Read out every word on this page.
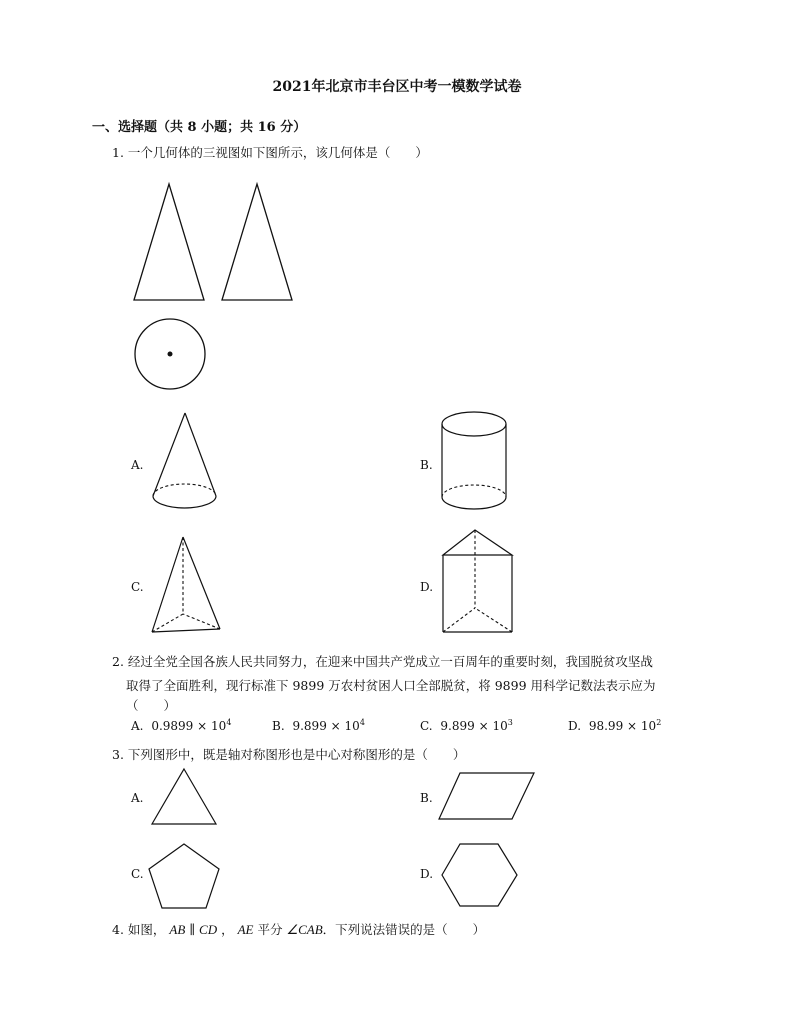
2021年北京市丰台区中考一模数学试卷
一、选择题（共 8 小题；共 16 分）
1. 一个几何体的三视图如下图所示，该几何体是（　　）
A.	B.
C.	D.
2. 经过全党全国各族人民共同努力，在迎来中国共产党成立一百周年的重要时刻，我国脱贫攻坚战
取得了全面胜利，现行标准下 9899 万农村贫困人口全部脱贫，将 9899 用科学记数法表示应为
（　　）
A. $0.9899 \times 10^4$	B. $9.899 \times 10^4$	C. $9.899 \times 10^3$	D. $98.99 \times 10^2$
3. 下列图形中，既是轴对称图形也是中心对称图形的是（　　）
A.	B.
C.	D.
4. 如图， AB ∥ CD ， AE 平分 ∠CAB．下列说法错误的是（　　）
